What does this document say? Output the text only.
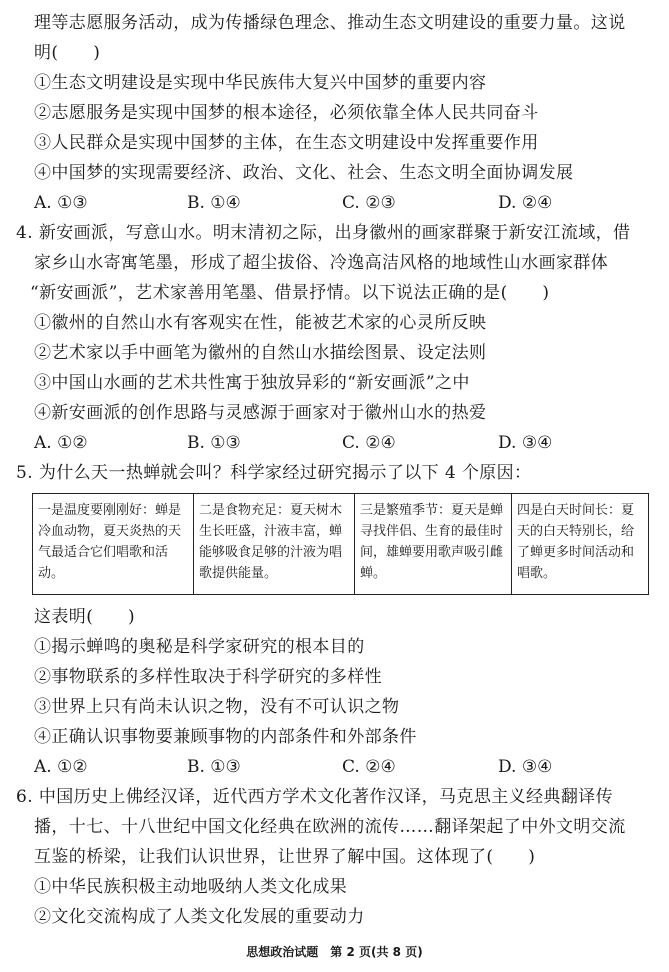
理等志愿服务活动，成为传播绿色理念、推动生态文明建设的重要力量。这说
明(　　)
①生态文明建设是实现中华民族伟大复兴中国梦的重要内容
②志愿服务是实现中国梦的根本途径，必须依靠全体人民共同奋斗
③人民群众是实现中国梦的主体，在生态文明建设中发挥重要作用
④中国梦的实现需要经济、政治、文化、社会、生态文明全面协调发展
A. ①③	B. ①④	C. ②③	D. ②④
4. 新安画派，写意山水。明末清初之际，出身徽州的画家群聚于新安江流域，借
家乡山水寄寓笔墨，形成了超尘拔俗、冷逸高洁风格的地域性山水画家群体
“新安画派”，艺术家善用笔墨、借景抒情。以下说法正确的是(　　)
①徽州的自然山水有客观实在性，能被艺术家的心灵所反映
②艺术家以手中画笔为徽州的自然山水描绘图景、设定法则
③中国山水画的艺术共性寓于独放异彩的“新安画派”之中
④新安画派的创作思路与灵感源于画家对于徽州山水的热爱
A. ①②	B. ①③	C. ②④	D. ③④
5. 为什么天一热蝉就会叫？科学家经过研究揭示了以下 4 个原因：
一是温度要刚刚好：蝉是冷血动物，夏天炎热的天气最适合它们唱歌和活动。	二是食物充足：夏天树木生长旺盛，汁液丰富，蝉能够吸食足够的汁液为唱歌提供能量。	三是繁殖季节：夏天是蝉寻找伴侣、生育的最佳时间，雄蝉要用歌声吸引雌蝉。	四是白天时间长：夏天的白天特别长，给了蝉更多时间活动和唱歌。
这表明(　　)
①揭示蝉鸣的奥秘是科学家研究的根本目的
②事物联系的多样性取决于科学研究的多样性
③世界上只有尚未认识之物，没有不可认识之物
④正确认识事物要兼顾事物的内部条件和外部条件
A. ①②	B. ①③	C. ②④	D. ③④
6. 中国历史上佛经汉译，近代西方学术文化著作汉译，马克思主义经典翻译传
播，十七、十八世纪中国文化经典在欧洲的流传……翻译架起了中外文明交流
互鉴的桥梁，让我们认识世界，让世界了解中国。这体现了(　　)
①中华民族积极主动地吸纳人类文化成果
②文化交流构成了人类文化发展的重要动力
思想政治试题　第 2 页(共 8 页)
